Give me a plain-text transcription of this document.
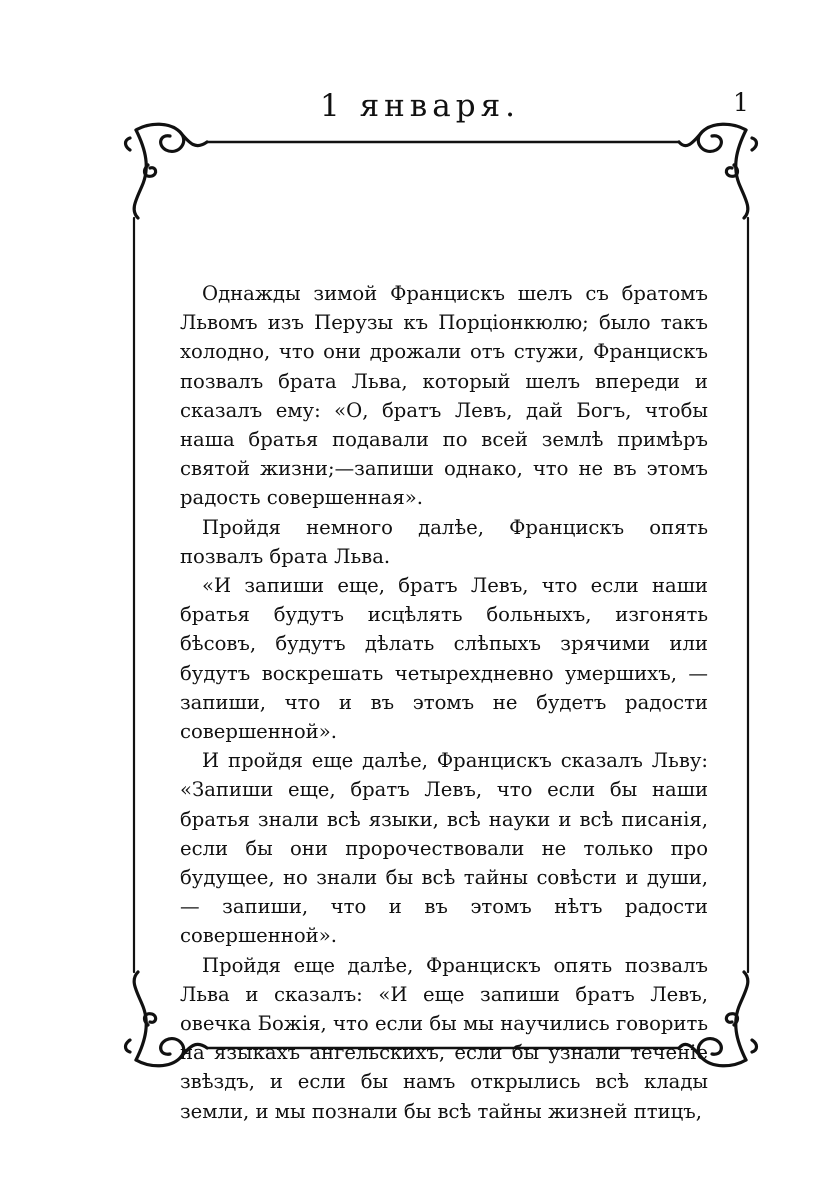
1 января.	1

Однажды зимой Францискъ шелъ съ братомъ Львомъ изъ Перузы къ Порціонкюлю; было такъ холодно, что они дрожали отъ стужи, Францискъ позвалъ брата Льва, который шелъ впереди и сказалъ ему: «О, братъ Левъ, дай Богъ, чтобы наша братья подавали по всей землѣ примѣръ святой жизни;—запиши однако, что не въ этомъ радость совершенная».

Пройдя немного далѣе, Францискъ опять позвалъ брата Льва.

«И запиши еще, братъ Левъ, что если наши братья будутъ исцѣлять больныхъ, изгонять бѣсовъ, будутъ дѣлать слѣпыхъ зрячими или будутъ воскрешать четырехдневно умершихъ, — запиши, что и въ этомъ не будетъ радости совершенной».

И пройдя еще далѣе, Францискъ сказалъ Льву: «Запиши еще, братъ Левъ, что если бы наши братья знали всѣ языки, всѣ науки и всѣ писанія, если бы они пророчествовали не только про будущее, но знали бы всѣ тайны совѣсти и души,— запиши, что и въ этомъ нѣтъ радости совершенной».

Пройдя еще далѣе, Францискъ опять позвалъ Льва и сказалъ: «И еще запиши братъ Левъ, овечка Божія, что если бы мы научились говорить на языкахъ ангельскихъ, если бы узнали теченіе звѣздъ, и если бы намъ открылись всѣ клады земли, и мы познали бы всѣ тайны жизней птицъ,
